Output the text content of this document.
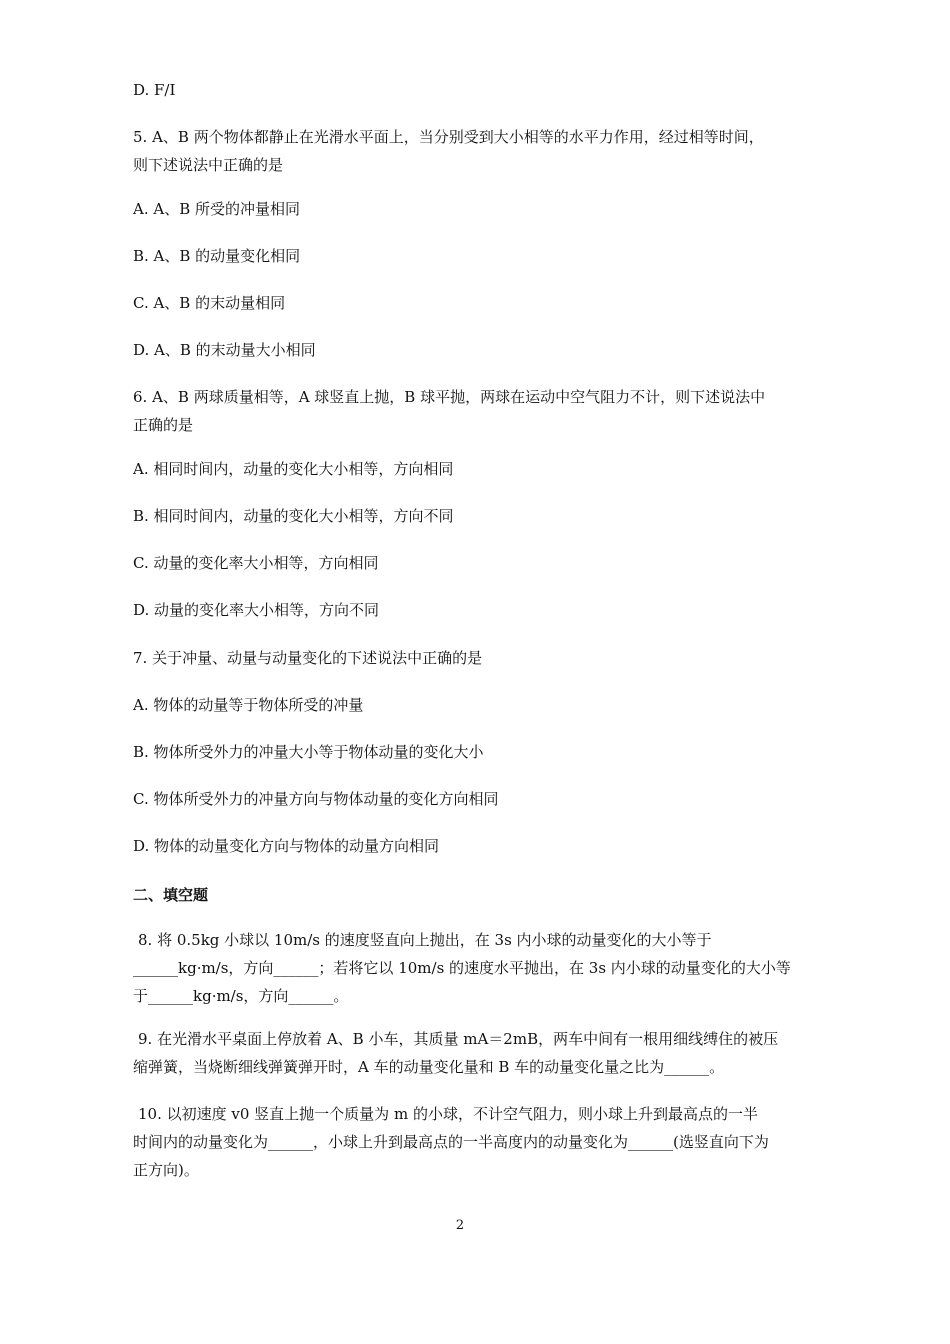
D. F/I
5. A、B 两个物体都静止在光滑水平面上，当分别受到大小相等的水平力作用，经过相等时间，
则下述说法中正确的是
A. A、B 所受的冲量相同
B. A、B 的动量变化相同
C. A、B 的末动量相同
D. A、B 的末动量大小相同
6. A、B 两球质量相等，A 球竖直上抛，B 球平抛，两球在运动中空气阻力不计，则下述说法中
正确的是
A. 相同时间内，动量的变化大小相等，方向相同
B. 相同时间内，动量的变化大小相等，方向不同
C. 动量的变化率大小相等，方向相同
D. 动量的变化率大小相等，方向不同
7. 关于冲量、动量与动量变化的下述说法中正确的是
A. 物体的动量等于物体所受的冲量
B. 物体所受外力的冲量大小等于物体动量的变化大小
C. 物体所受外力的冲量方向与物体动量的变化方向相同
D. 物体的动量变化方向与物体的动量方向相同
二、填空题
8. 将 0.5kg 小球以 10m/s 的速度竖直向上抛出，在 3s 内小球的动量变化的大小等于
______kg·m/s，方向______；若将它以 10m/s 的速度水平抛出，在 3s 内小球的动量变化的大小等
于______kg·m/s，方向______。
9. 在光滑水平桌面上停放着 A、B 小车，其质量 mA＝2mB，两车中间有一根用细线缚住的被压
缩弹簧，当烧断细线弹簧弹开时，A 车的动量变化量和 B 车的动量变化量之比为______。
10. 以初速度 v0 竖直上抛一个质量为 m 的小球，不计空气阻力，则小球上升到最高点的一半
时间内的动量变化为______，小球上升到最高点的一半高度内的动量变化为______(选竖直向下为
正方向)。
2
